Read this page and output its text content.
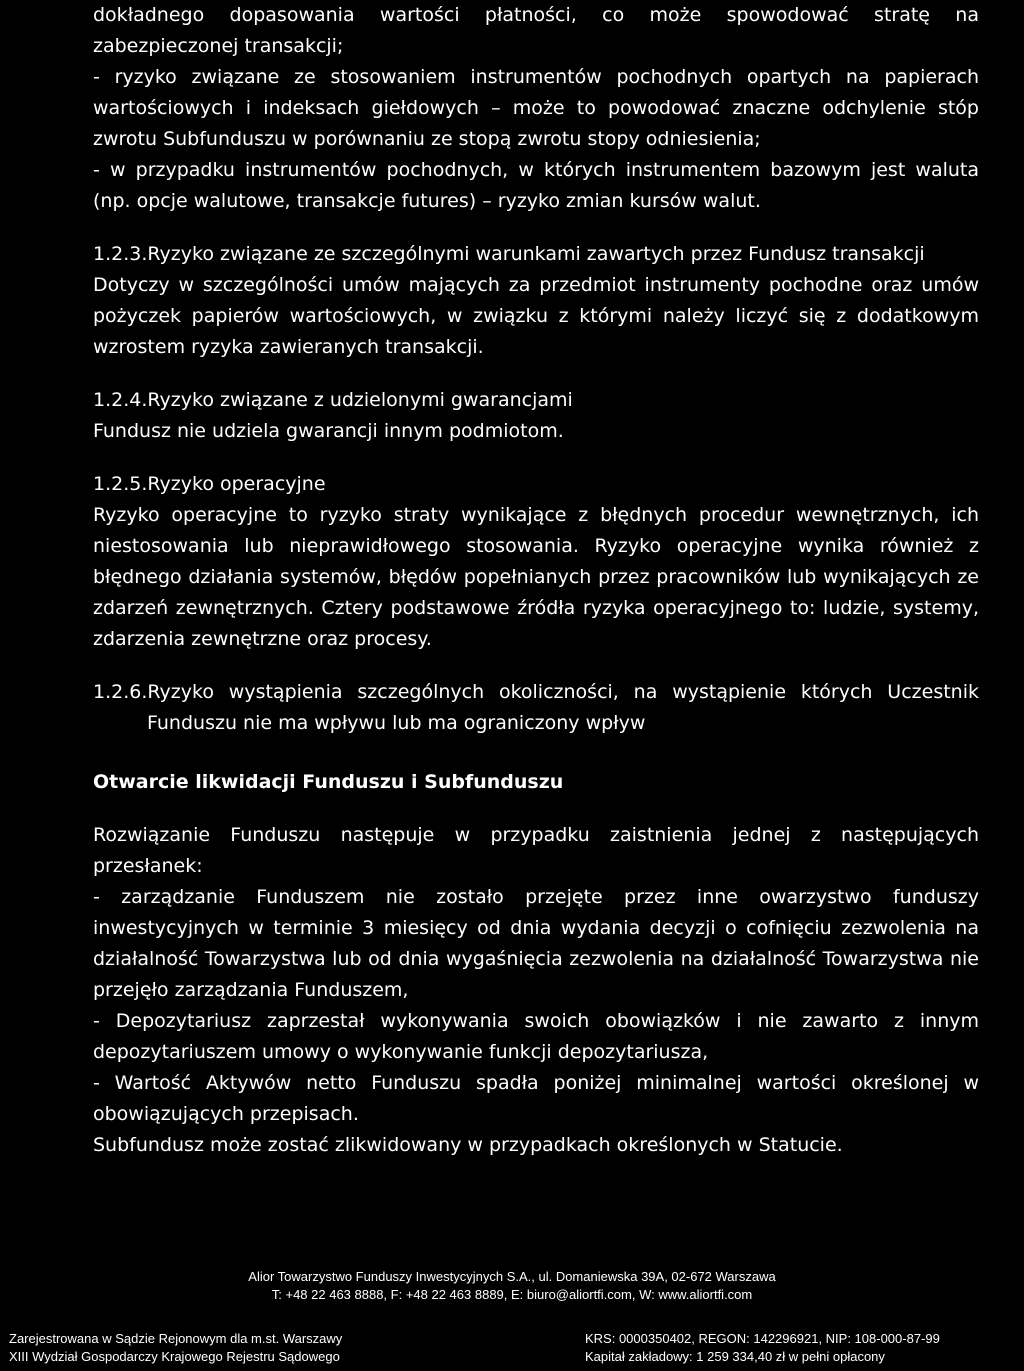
dokładnego dopasowania wartości płatności, co może spowodować stratę na

zabezpieczonej transakcji;

- ryzyko związane ze stosowaniem instrumentów pochodnych opartych na papierach wartościowych i indeksach giełdowych – może to powodować znaczne odchylenie stóp zwrotu Subfunduszu w porównaniu ze stopą zwrotu stopy odniesienia;

- w przypadku instrumentów pochodnych, w których instrumentem bazowym jest waluta (np. opcje walutowe, transakcje futures) – ryzyko zmian kursów walut.

1.2.3.Ryzyko związane ze szczególnymi warunkami zawartych przez Fundusz transakcji

Dotyczy w szczególności umów mających za przedmiot instrumenty pochodne oraz umów pożyczek papierów wartościowych, w związku z którymi należy liczyć się z dodatkowym wzrostem ryzyka zawieranych transakcji.

1.2.4.Ryzyko związane z udzielonymi gwarancjami

Fundusz nie udziela gwarancji innym podmiotom.

1.2.5.Ryzyko operacyjne

Ryzyko operacyjne to ryzyko straty wynikające z błędnych procedur wewnętrznych, ich niestosowania lub nieprawidłowego stosowania. Ryzyko operacyjne wynika również z błędnego działania systemów, błędów popełnianych przez pracowników lub wynikających ze zdarzeń zewnętrznych. Cztery podstawowe źródła ryzyka operacyjnego to: ludzie, systemy, zdarzenia zewnętrzne oraz procesy.

1.2.6.Ryzyko wystąpienia szczególnych okoliczności, na wystąpienie których Uczestnik

Funduszu nie ma wpływu lub ma ograniczony wpływ

Otwarcie likwidacji Funduszu i Subfunduszu

Rozwiązanie Funduszu następuje w przypadku zaistnienia jednej z następujących przesłanek:

- zarządzanie Funduszem nie zostało przejęte przez inne owarzystwo funduszy inwestycyjnych w terminie 3 miesięcy od dnia wydania decyzji o cofnięciu zezwolenia na działalność Towarzystwa lub od dnia wygaśnięcia zezwolenia na działalność Towarzystwa nie przejęło zarządzania Funduszem,

- Depozytariusz zaprzestał wykonywania swoich obowiązków i nie zawarto z innym depozytariuszem umowy o wykonywanie funkcji depozytariusza,

- Wartość Aktywów netto Funduszu spadła poniżej minimalnej wartości określonej w obowiązujących przepisach.

Subfundusz może zostać zlikwidowany w przypadkach określonych w Statucie.

Alior Towarzystwo Funduszy Inwestycyjnych S.A., ul. Domaniewska 39A, 02-672 Warszawa
T: +48 22 463 8888, F: +48 22 463 8889, E: biuro@aliortfi.com, W: www.aliortfi.com
Zarejestrowana w Sądzie Rejonowym dla m.st. Warszawy
XIII Wydział Gospodarczy Krajowego Rejestru Sądowego
KRS: 0000350402, REGON: 142296921, NIP: 108-000-87-99
Kapitał zakładowy: 1 259 334,40 zł w pełni opłacony
